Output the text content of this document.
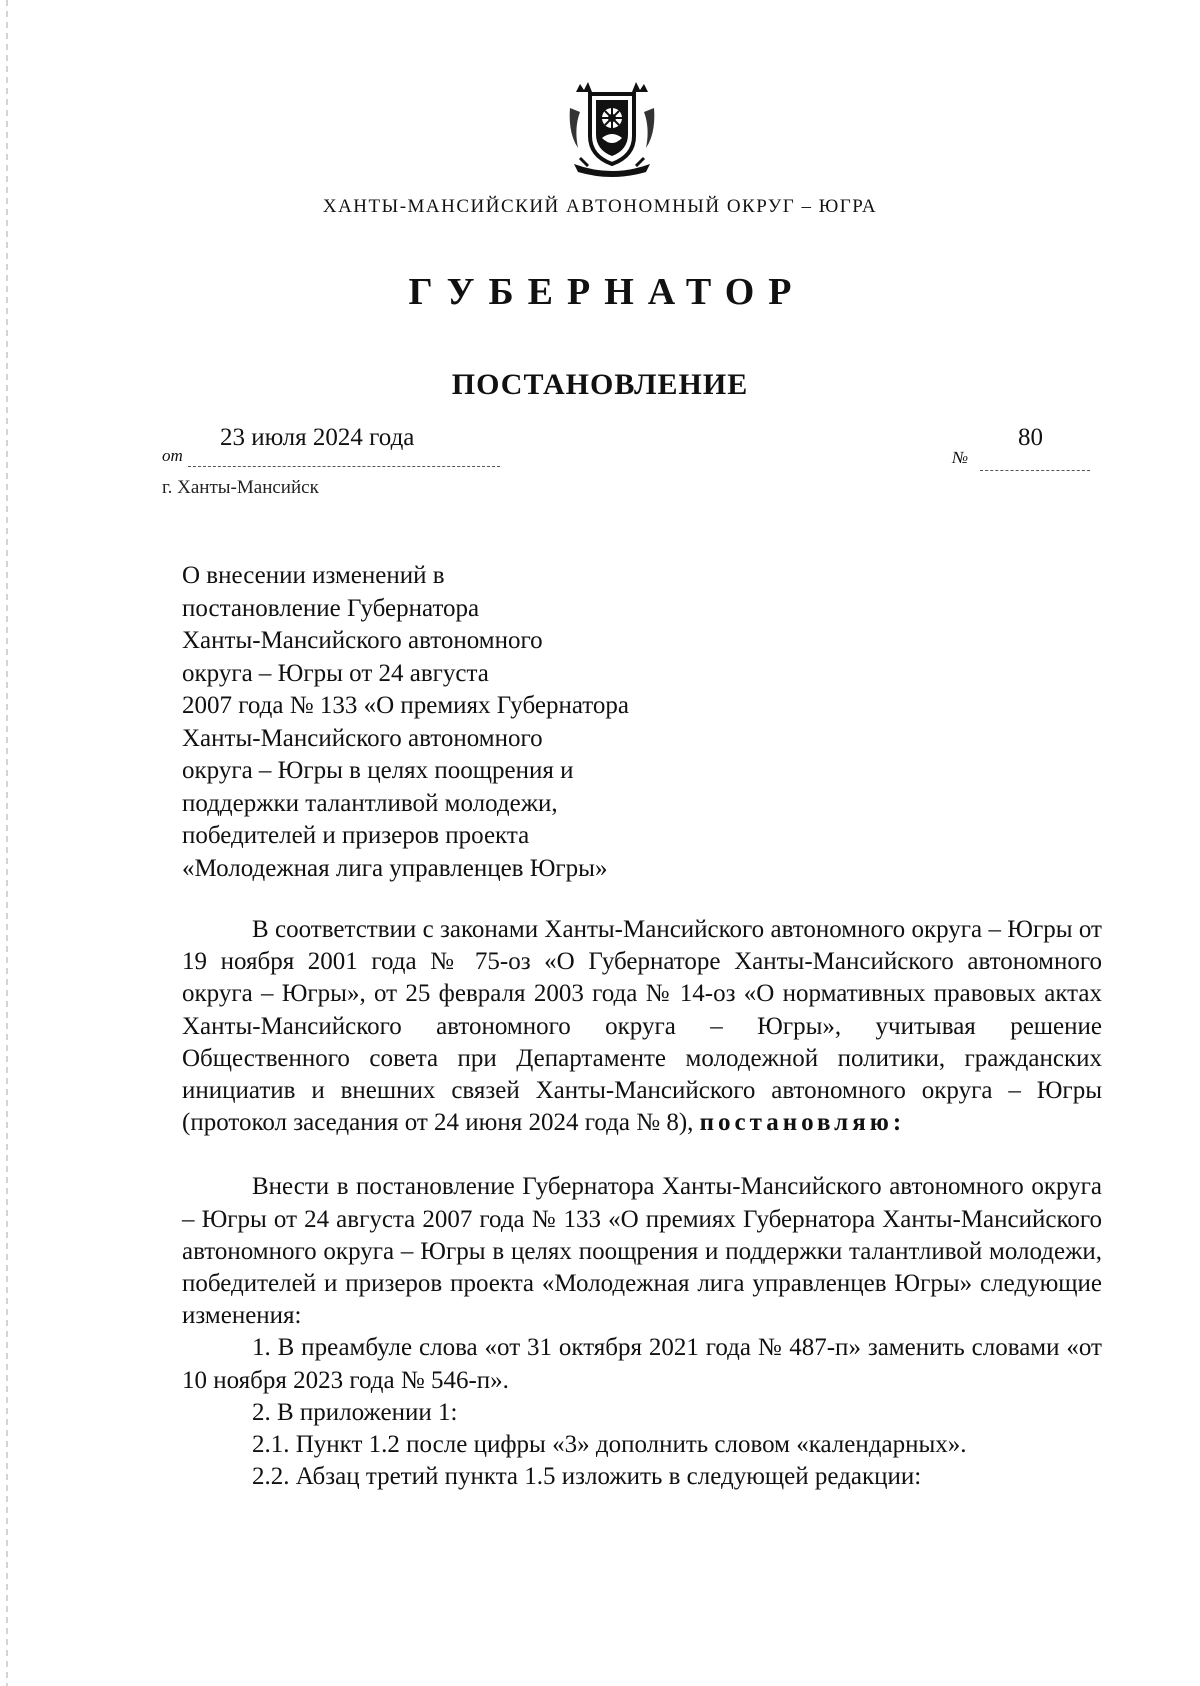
ХАНТЫ-МАНСИЙСКИЙ АВТОНОМНЫЙ ОКРУГ – ЮГРА
ГУБЕРНАТОР
ПОСТАНОВЛЕНИЕ
от
23 июля 2024 года
№
80
г. Ханты-Мансийск
О внесении изменений в
постановление Губернатора
Ханты-Мансийского автономного
округа – Югры от 24 августа
2007 года № 133 «О премиях Губернатора
Ханты-Мансийского автономного
округа – Югры в целях поощрения и
поддержки талантливой молодежи,
победителей и призеров проекта
«Молодежная лига управленцев Югры»

В соответствии с законами Ханты-Мансийского автономного округа – Югры от 19 ноября 2001 года № 75-оз «О Губернаторе Ханты-Мансийского автономного округа – Югры», от 25 февраля 2003 года № 14-оз «О нормативных правовых актах Ханты-Мансийского автономного округа – Югры», учитывая решение Общественного совета при Департаменте молодежной политики, гражданских инициатив и внешних связей Ханты-Мансийского автономного округа – Югры (протокол заседания от 24 июня 2024 года № 8), постановляю:

Внести в постановление Губернатора Ханты-Мансийского автономного округа – Югры от 24 августа 2007 года № 133 «О премиях Губернатора Ханты-Мансийского автономного округа – Югры в целях поощрения и поддержки талантливой молодежи, победителей и призеров проекта «Молодежная лига управленцев Югры» следующие изменения:

1. В преамбуле слова «от 31 октября 2021 года № 487-п» заменить словами «от 10 ноября 2023 года № 546-п».

2. В приложении 1:

2.1. Пункт 1.2 после цифры «3» дополнить словом «календарных».

2.2. Абзац третий пункта 1.5 изложить в следующей редакции:
